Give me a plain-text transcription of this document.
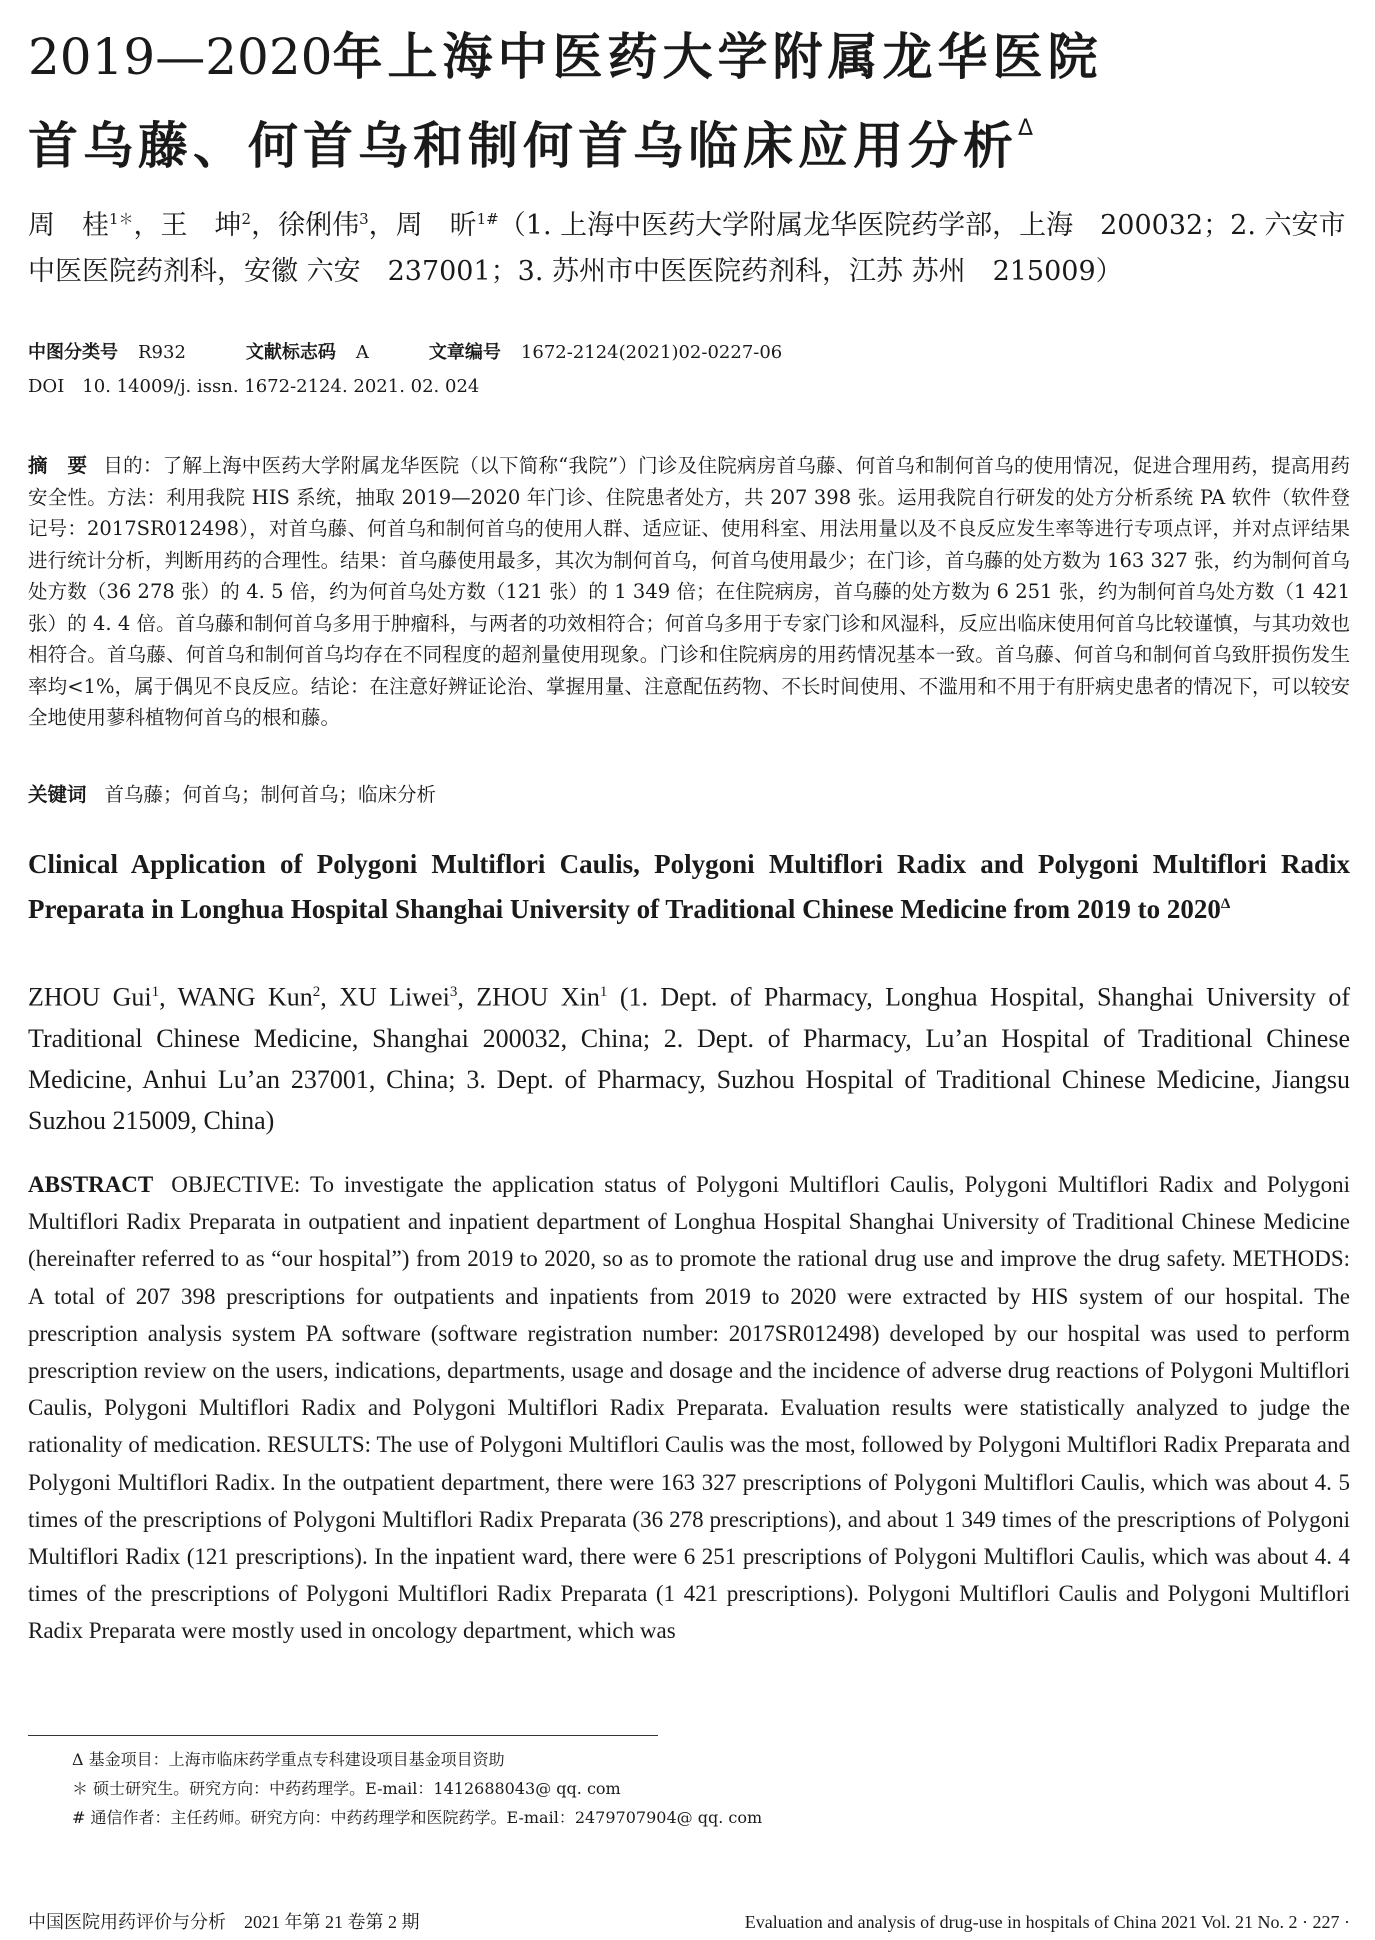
2019—2020年上海中医药大学附属龙华医院
首乌藤、何首乌和制何首乌临床应用分析$^\Delta$
周　桂$^{1*}$，王　坤$^2$，徐俐伟$^3$，周　昕$^{1\#}$（1. 上海中医药大学附属龙华医院药学部，上海　200032；2. 六安市中医医院药剂科，安徽 六安　237001；3. 苏州市中医医院药剂科，江苏 苏州　215009）
中图分类号 R932	文献标志码 A	文章编号 1672-2124(2021)02-0227-06
DOI　10. 14009/j. issn. 1672-2124. 2021. 02. 024
摘　要 目的：了解上海中医药大学附属龙华医院（以下简称“我院”）门诊及住院病房首乌藤、何首乌和制何首乌的使用情况，促进合理用药，提高用药安全性。方法：利用我院 HIS 系统，抽取 2019—2020 年门诊、住院患者处方，共 207 398 张。运用我院自行研发的处方分析系统 PA 软件（软件登记号：2017SR012498），对首乌藤、何首乌和制何首乌的使用人群、适应证、使用科室、用法用量以及不良反应发生率等进行专项点评，并对点评结果进行统计分析，判断用药的合理性。结果：首乌藤使用最多，其次为制何首乌，何首乌使用最少；在门诊，首乌藤的处方数为 163 327 张，约为制何首乌处方数（36 278 张）的 4. 5 倍，约为何首乌处方数（121 张）的 1 349 倍；在住院病房，首乌藤的处方数为 6 251 张，约为制何首乌处方数（1 421 张）的 4. 4 倍。首乌藤和制何首乌多用于肿瘤科，与两者的功效相符合；何首乌多用于专家门诊和风湿科，反应出临床使用何首乌比较谨慎，与其功效也相符合。首乌藤、何首乌和制何首乌均存在不同程度的超剂量使用现象。门诊和住院病房的用药情况基本一致。首乌藤、何首乌和制何首乌致肝损伤发生率均<1%，属于偶见不良反应。结论：在注意好辨证论治、掌握用量、注意配伍药物、不长时间使用、不滥用和不用于有肝病史患者的情况下，可以较安全地使用蓼科植物何首乌的根和藤。
关键词 首乌藤；何首乌；制何首乌；临床分析
Clinical Application of Polygoni Multiflori Caulis, Polygoni Multiflori Radix and Polygoni Multiflori Radix Preparata in Longhua Hospital Shanghai University of Traditional Chinese Medicine from 2019 to $2020^\Delta$
ZHOU Gui$^1$, WANG Kun$^2$, XU Liwei$^3$, ZHOU Xin$^1$ (1. Dept. of Pharmacy, Longhua Hospital, Shanghai University of Traditional Chinese Medicine, Shanghai 200032, China; 2. Dept. of Pharmacy, Lu’an Hospital of Traditional Chinese Medicine, Anhui Lu’an 237001, China; 3. Dept. of Pharmacy, Suzhou Hospital of Traditional Chinese Medicine, Jiangsu Suzhou 215009, China)
ABSTRACT OBJECTIVE: To investigate the application status of Polygoni Multiflori Caulis, Polygoni Multiflori Radix and Polygoni Multiflori Radix Preparata in outpatient and inpatient department of Longhua Hospital Shanghai University of Traditional Chinese Medicine (hereinafter referred to as “our hospital”) from 2019 to 2020, so as to promote the rational drug use and improve the drug safety. METHODS: A total of 207 398 prescriptions for outpatients and inpatients from 2019 to 2020 were extracted by HIS system of our hospital. The prescription analysis system PA software (software registration number: 2017SR012498) developed by our hospital was used to perform prescription review on the users, indications, departments, usage and dosage and the incidence of adverse drug reactions of Polygoni Multiflori Caulis, Polygoni Multiflori Radix and Polygoni Multiflori Radix Preparata. Evaluation results were statistically analyzed to judge the rationality of medication. RESULTS: The use of Polygoni Multiflori Caulis was the most, followed by Polygoni Multiflori Radix Preparata and Polygoni Multiflori Radix. In the outpatient department, there were 163 327 prescriptions of Polygoni Multiflori Caulis, which was about 4. 5 times of the prescriptions of Polygoni Multiflori Radix Preparata (36 278 prescriptions), and about 1 349 times of the prescriptions of Polygoni Multiflori Radix (121 prescriptions). In the inpatient ward, there were 6 251 prescriptions of Polygoni Multiflori Caulis, which was about 4. 4 times of the prescriptions of Polygoni Multiflori Radix Preparata (1 421 prescriptions). Polygoni Multiflori Caulis and Polygoni Multiflori Radix Preparata were mostly used in oncology department, which was
Δ 基金项目：上海市临床药学重点专科建设项目基金项目资助
＊ 硕士研究生。研究方向：中药药理学。E-mail：1412688043@ qq. com
# 通信作者：主任药师。研究方向：中药药理学和医院药学。E-mail：2479707904@ qq. com
中国医院用药评价与分析　2021 年第 21 卷第 2 期	Evaluation and analysis of drug-use in hospitals of China 2021 Vol. 21 No. 2 · 227 ·
